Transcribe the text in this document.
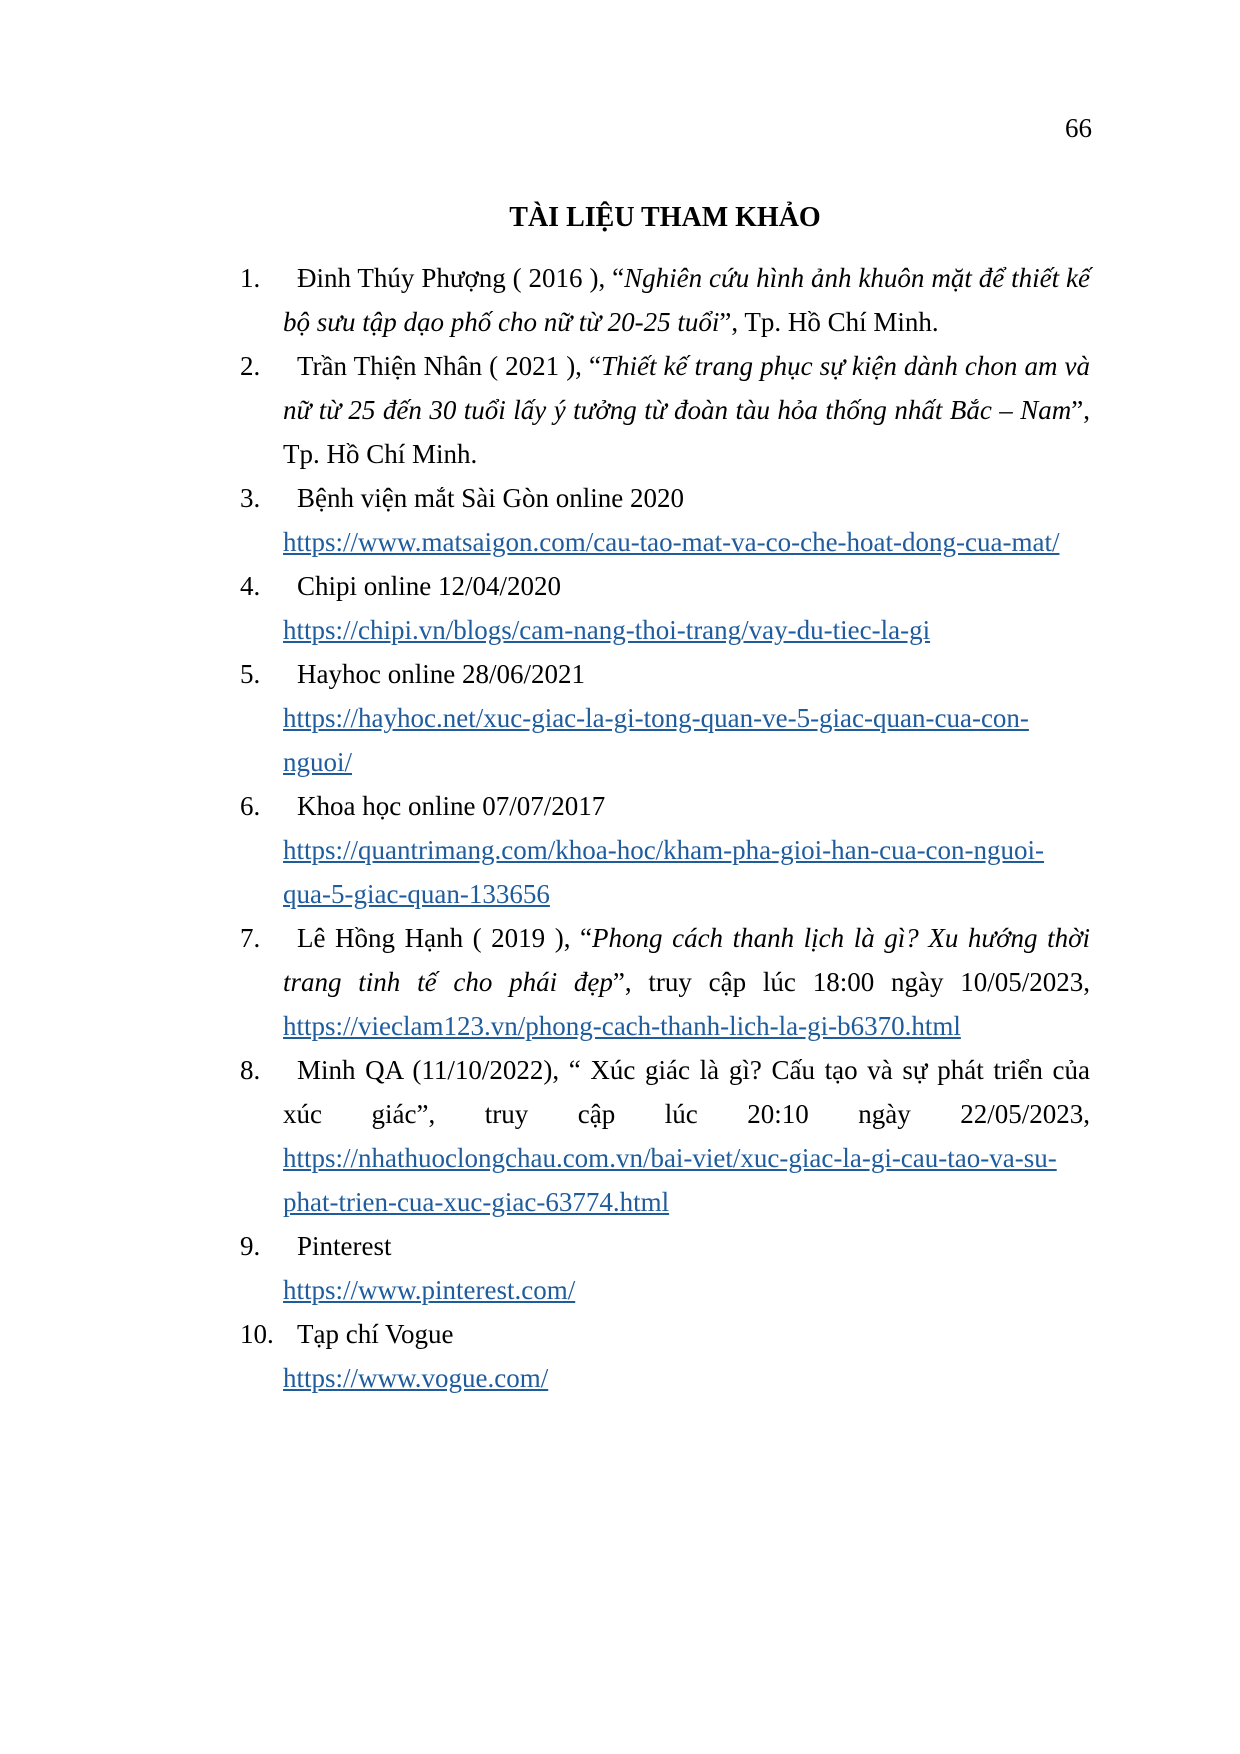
66
TÀI LIỆU THAM KHẢO
1.	Đinh Thúy Phượng ( 2016 ), “Nghiên cứu hình ảnh khuôn mặt để thiết kế bộ sưu tập dạo phố cho nữ từ 20-25 tuổi”, Tp. Hồ Chí Minh.
2.	Trần Thiện Nhân ( 2021 ), “Thiết kế trang phục sự kiện dành chon am và nữ từ 25 đến 30 tuổi lấy ý tưởng từ đoàn tàu hỏa thống nhất Bắc – Nam”, Tp. Hồ Chí Minh.
3.	Bệnh viện mắt Sài Gòn online 2020
https://www.matsaigon.com/cau-tao-mat-va-co-che-hoat-dong-cua-mat/
4.	Chipi online 12/04/2020
https://chipi.vn/blogs/cam-nang-thoi-trang/vay-du-tiec-la-gi
5.	Hayhoc online 28/06/2021
https://hayhoc.net/xuc-giac-la-gi-tong-quan-ve-5-giac-quan-cua-con-nguoi/
6.	Khoa học online 07/07/2017
https://quantrimang.com/khoa-hoc/kham-pha-gioi-han-cua-con-nguoi-qua-5-giac-quan-133656
7.	Lê Hồng Hạnh ( 2019 ), “Phong cách thanh lịch là gì? Xu hướng thời trang tinh tế cho phái đẹp”, truy cập lúc 18:00 ngày 10/05/2023, https://vieclam123.vn/phong-cach-thanh-lich-la-gi-b6370.html
8.	Minh QA (11/10/2022), “ Xúc giác là gì? Cấu tạo và sự phát triển của xúc giác”, truy cập lúc 20:10 ngày 22/05/2023, https://nhathuoclongchau.com.vn/bai-viet/xuc-giac-la-gi-cau-tao-va-su-phat-trien-cua-xuc-giac-63774.html
9.	Pinterest
https://www.pinterest.com/
10. Tạp chí Vogue
https://www.vogue.com/
